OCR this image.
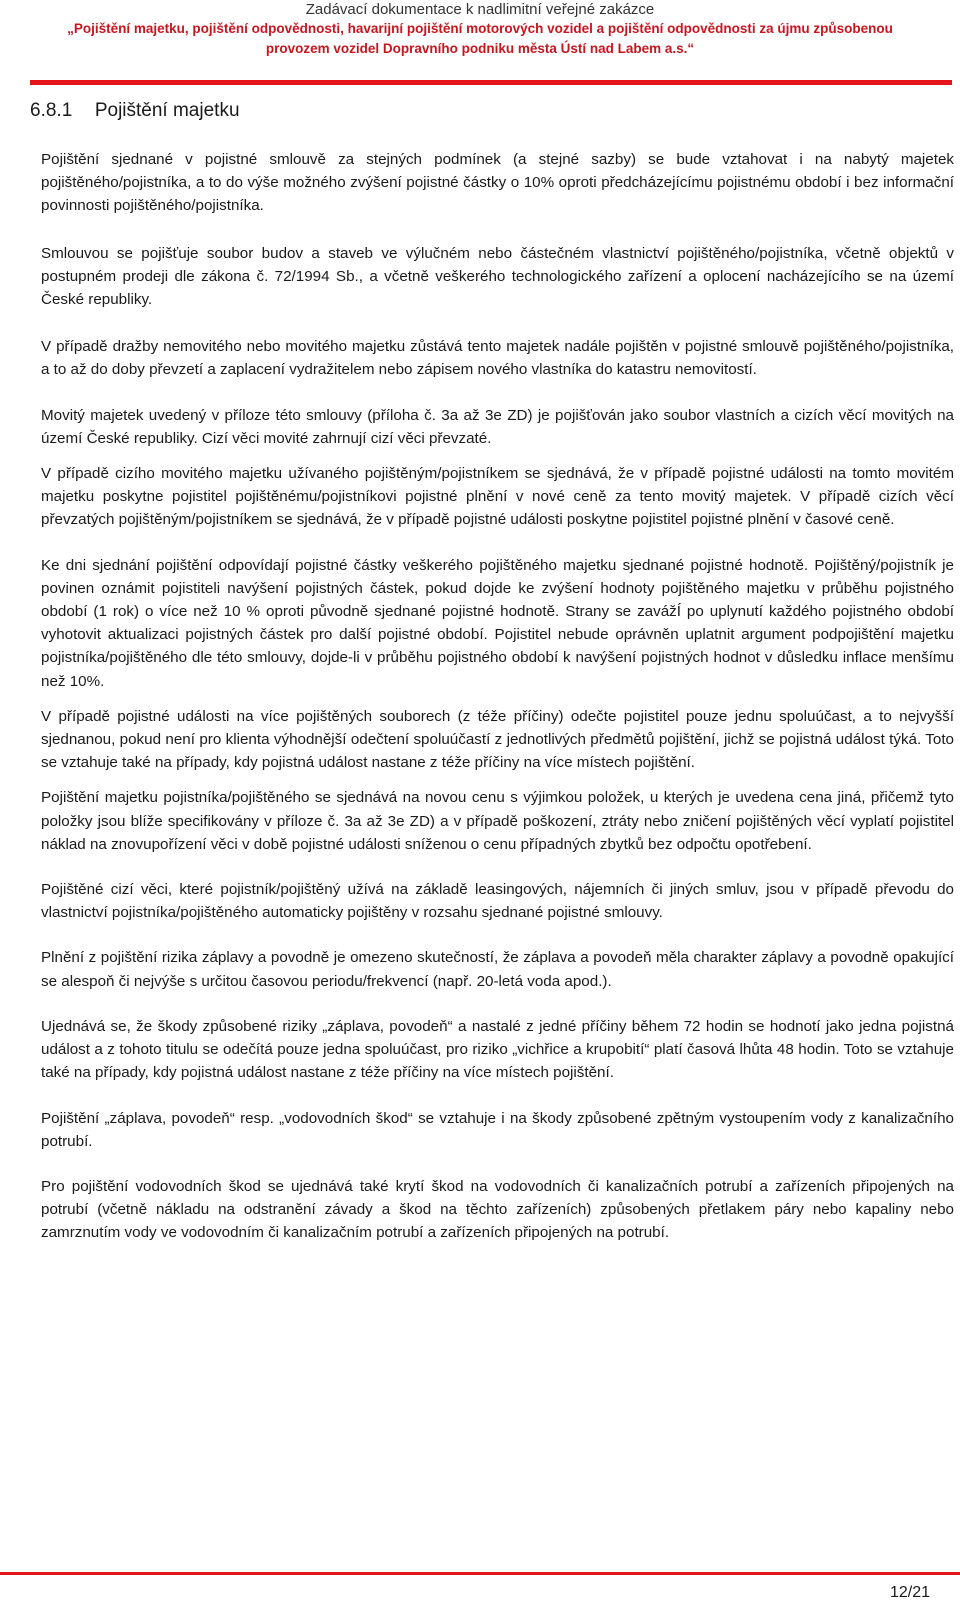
Zadávací dokumentace k nadlimitní veřejné zakázce
„Pojištění majetku, pojištění odpovědnosti, havarijní pojištění motorových vozidel a pojištění odpovědnosti za újmu způsobenou
provozem vozidel Dopravního podniku města Ústí nad Labem a.s.“
6.8.1 Pojištění majetku

Pojištění sjednané v pojistné smlouvě za stejných podmínek (a stejné sazby) se bude vztahovat i na nabytý majetek pojištěného/pojistníka, a to do výše možného zvýšení pojistné částky o 10% oproti předcházejícímu pojistnému období i bez informační povinnosti pojištěného/pojistníka.

Smlouvou se pojišťuje soubor budov a staveb ve výlučném nebo částečném vlastnictví pojištěného/pojistníka, včetně objektů v postupném prodeji dle zákona č. 72/1994 Sb., a včetně veškerého technologického zařízení a oplocení nacházejícího se na území České republiky.

V případě dražby nemovitého nebo movitého majetku zůstává tento majetek nadále pojištěn v pojistné smlouvě pojištěného/pojistníka, a to až do doby převzetí a zaplacení vydražitelem nebo zápisem nového vlastníka do katastru nemovitostí.

Movitý majetek uvedený v příloze této smlouvy (příloha č. 3a až 3e ZD) je pojišťován jako soubor vlastních a cizích věcí movitých na území České republiky. Cizí věci movité zahrnují cizí věci převzaté.

V případě cizího movitého majetku užívaného pojištěným/pojistníkem se sjednává, že v případě pojistné události na tomto movitém majetku poskytne pojistitel pojištěnému/pojistníkovi pojistné plnění v nové ceně za tento movitý majetek. V případě cizích věcí převzatých pojištěným/pojistníkem se sjednává, že v případě pojistné události poskytne pojistitel pojistné plnění v časové ceně.

Ke dni sjednání pojištění odpovídají pojistné částky veškerého pojištěného majetku sjednané pojistné hodnotě. Pojištěný/pojistník je povinen oznámit pojistiteli navýšení pojistných částek, pokud dojde ke zvýšení hodnoty pojištěného majetku v průběhu pojistného období (1 rok) o více než 10 % oproti původně sjednané pojistné hodnotě. Strany se zavážÍ po uplynutí každého pojistného období vyhotovit aktualizaci pojistných částek pro další pojistné období. Pojistitel nebude oprávněn uplatnit argument podpojištění majetku pojistníka/pojištěného dle této smlouvy, dojde-li v průběhu pojistného období k navýšení pojistných hodnot v důsledku inflace menšímu než 10%.

V případě pojistné události na více pojištěných souborech (z téže příčiny) odečte pojistitel pouze jednu spoluúčast, a to nejvyšší sjednanou, pokud není pro klienta výhodnější odečtení spoluúčastí z jednotlivých předmětů pojištění, jichž se pojistná událost týká. Toto se vztahuje také na případy, kdy pojistná událost nastane z téže příčiny na více místech pojištění.

Pojištění majetku pojistníka/pojištěného se sjednává na novou cenu s výjimkou položek, u kterých je uvedena cena jiná, přičemž tyto položky jsou blíže specifikovány v příloze č. 3a až 3e ZD) a v případě poškození, ztráty nebo zničení pojištěných věcí vyplatí pojistitel náklad na znovupořízení věci v době pojistné události sníženou o cenu případných zbytků bez odpočtu opotřebení.

Pojištěné cizí věci, které pojistník/pojištěný užívá na základě leasingových, nájemních či jiných smluv, jsou v případě převodu do vlastnictví pojistníka/pojištěného automaticky pojištěny v rozsahu sjednané pojistné smlouvy.

Plnění z pojištění rizika záplavy a povodně je omezeno skutečností, že záplava a povodeň měla charakter záplavy a povodně opakující se alespoň či nejvýše s určitou časovou periodu/frekvencí (např. 20-letá voda apod.).

Ujednává se, že škody způsobené riziky „záplava, povodeň“ a nastalé z jedné příčiny během 72 hodin se hodnotí jako jedna pojistná událost a z tohoto titulu se odečítá pouze jedna spoluúčast, pro riziko „vichřice a krupobití“ platí časová lhůta 48 hodin. Toto se vztahuje také na případy, kdy pojistná událost nastane z téže příčiny na více místech pojištění.

Pojištění „záplava, povodeň“ resp. „vodovodních škod“ se vztahuje i na škody způsobené zpětným vystoupením vody z kanalizačního potrubí.

Pro pojištění vodovodních škod se ujednává také krytí škod na vodovodních či kanalizačních potrubí a zařízeních připojených na potrubí (včetně nákladu na odstranění závady a škod na těchto zařízeních) způsobených přetlakem páry nebo kapaliny nebo zamrznutím vody ve vodovodním či kanalizačním potrubí a zařízeních připojených na potrubí.

12/21
